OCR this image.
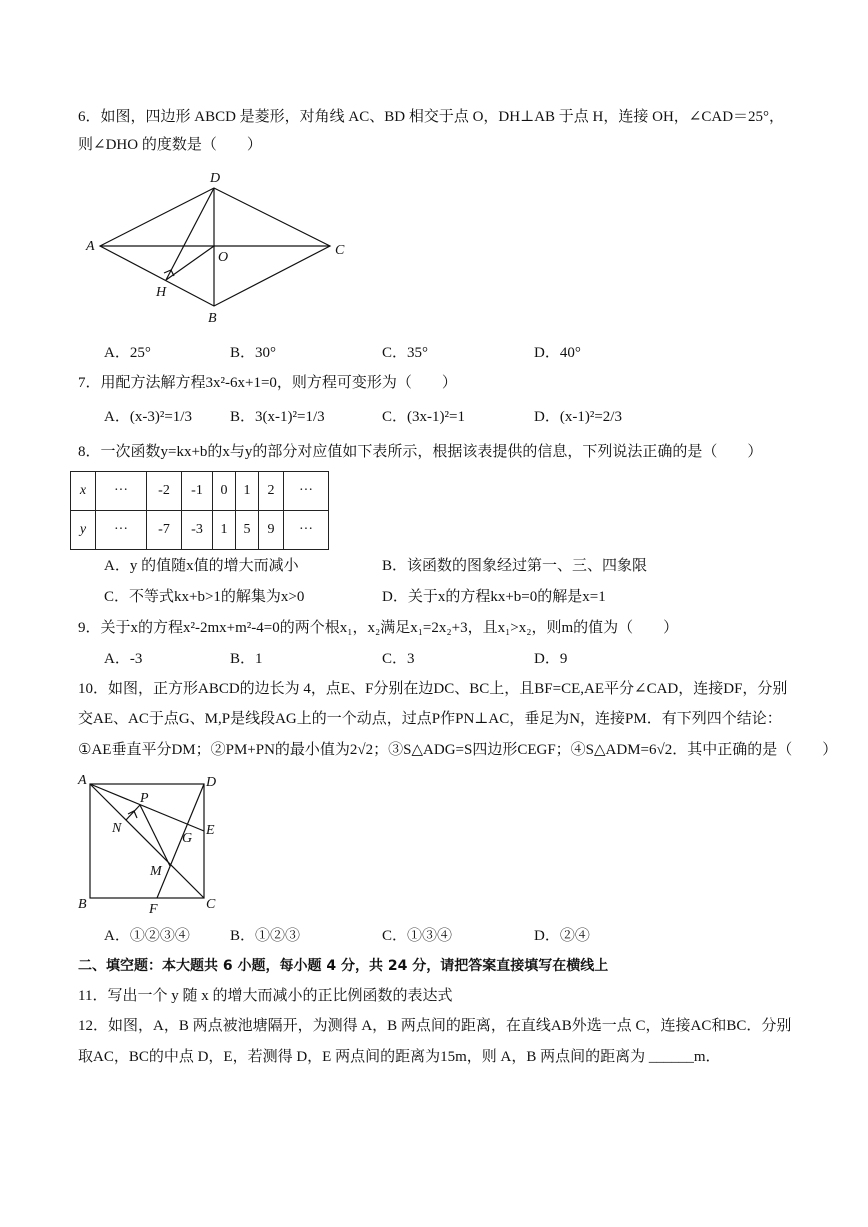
6．如图，四边形 ABCD 是菱形，对角线 AC、BD 相交于点 O，DH⊥AB 于点 H，连接 OH，∠CAD＝25°，
则∠DHO 的度数是（　　）
D
A	C
O
H
B
A．25°	B．30°	C．35°	D．40°
7．用配方法解方程3x²-6x+1=0，则方程可变形为（　　）
A．(x-3)²=1/3	B．3(x-1)²=1/3	C．(3x-1)²=1	D．(x-1)²=2/3
8．一次函数y=kx+b的x与y的部分对应值如下表所示，根据该表提供的信息，下列说法正确的是（　　）
x	···	-2	-1	0	1	2	···
y	···	-7	-3	1	5	9	···
A．y 的值随x值的增大而减小	B．该函数的图象经过第一、三、四象限
C．不等式kx+b>1的解集为x>0	D．关于x的方程kx+b=0的解是x=1
9．关于x的方程x²-2mx+m²-4=0的两个根x₁，x₂满足x₁=2x₂+3，且x₁>x₂，则m的值为（　　）
A．-3	B．1	C．3	D．9
10．如图，正方形ABCD的边长为 4，点E、F分别在边DC、BC上，且BF=CE,AE平分∠CAD，连接DF，分别
交AE、AC于点G、M,P是线段AG上的一个动点，过点P作PN⊥AC，垂足为N，连接PM．有下列四个结论：
①AE垂直平分DM；②PM+PN的最小值为2√2；③S△ADG=S四边形CEGF；④S△ADM=6√2．其中正确的是（　　）
A	D
P
N	E
G
M
B	C
F
A．①②③④	B．①②③	C．①③④	D．②④
二、填空题：本大题共 6 小题，每小题 4 分，共 24 分，请把答案直接填写在横线上
11．写出一个 y 随 x 的增大而减小的正比例函数的表达式
12．如图，A，B 两点被池塘隔开，为测得 A，B 两点间的距离，在直线AB外选一点 C，连接AC和BC．分别
取AC，BC的中点 D，E，若测得 D，E 两点间的距离为15m，则 A，B 两点间的距离为 ______m．
